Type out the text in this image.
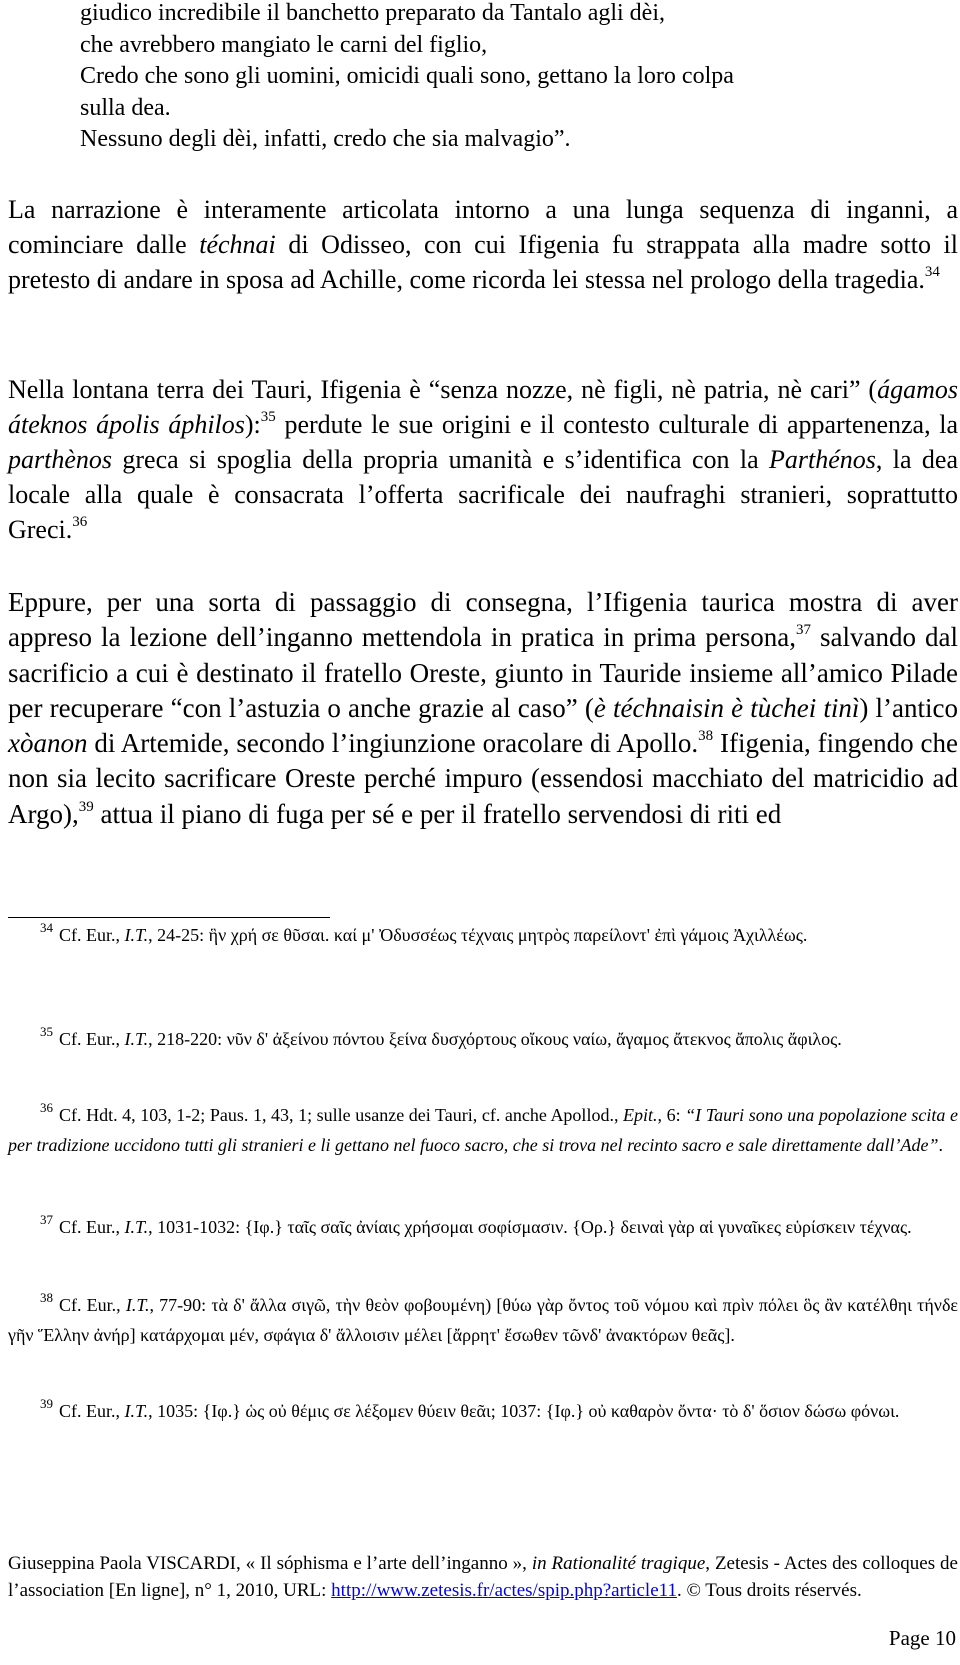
giudico incredibile il banchetto preparato da Tantalo agli dèi,
che avrebbero mangiato le carni del figlio,
Credo che sono gli uomini, omicidi quali sono, gettano la loro colpa
sulla dea.
Nessuno degli dèi, infatti, credo che sia malvagio”.

La narrazione è interamente articolata intorno a una lunga sequenza di inganni, a cominciare dalle téchnai di Odisseo, con cui Ifigenia fu strappata alla madre sotto il pretesto di andare in sposa ad Achille, come ricorda lei stessa nel prologo della tragedia.$^{34}$

Nella lontana terra dei Tauri, Ifigenia è “senza nozze, nè figli, nè patria, nè cari” (ágamos áteknos ápolis áphilos):$^{35}$ perdute le sue origini e il contesto culturale di appartenenza, la parthènos greca si spoglia della propria umanità e s’identifica con la Parthénos, la dea locale alla quale è consacrata l’offerta sacrificale dei naufraghi stranieri, soprattutto Greci.$^{36}$

Eppure, per una sorta di passaggio di consegna, l’Ifigenia taurica mostra di aver appreso la lezione dell’inganno mettendola in pratica in prima persona,$^{37}$ salvando dal sacrificio a cui è destinato il fratello Oreste, giunto in Tauride insieme all’amico Pilade per recuperare “con l’astuzia o anche grazie al caso” (è téchnaisin è tùchei tinì) l’antico xòanon di Artemide, secondo l’ingiunzione oracolare di Apollo.$^{38}$ Ifigenia, fingendo che non sia lecito sacrificare Oreste perché impuro (essendosi macchiato del matricidio ad Argo),$^{39}$ attua il piano di fuga per sé e per il fratello servendosi di riti ed

$^{34}$ Cf. Eur., I.T., 24-25: ἣν χρή σε θῦσαι. καί μ' Ὀδυσσέως τέχναις μητρὸς παρείλοντ' ἐπὶ γάμοις Ἀχιλλέως.

$^{35}$ Cf. Eur., I.T., 218-220: νῦν δ' ἀξείνου πόντου ξείνα δυσχόρτους οἴκους ναίω, ἄγαμος ἄτεκνος ἄπολις ἄφιλος.

$^{36}$ Cf. Hdt. 4, 103, 1-2; Paus. 1, 43, 1; sulle usanze dei Tauri, cf. anche Apollod., Epit., 6: “I Tauri sono una popolazione scita e per tradizione uccidono tutti gli stranieri e li gettano nel fuoco sacro, che si trova nel recinto sacro e sale direttamente dall’Ade”.

$^{37}$ Cf. Eur., I.T., 1031-1032: {Ιφ.} ταῖς σαῖς ἀνίαις χρήσομαι σοφίσμασιν. {Ορ.} δειναὶ γὰρ αἱ γυναῖκες εὑρίσκειν τέχνας.

$^{38}$ Cf. Eur., I.T., 77-90: τὰ δ' ἄλλα σιγῶ, τὴν θεὸν φοβουμένη) [θύω γὰρ ὄντος τοῦ νόμου καὶ πρὶν πόλει ὃς ἂν κατέλθηι τήνδε γῆν Ἕλλην ἀνήρ] κατάρχομαι μέν, σφάγια δ' ἄλλοισιν μέλει [ἄρρητ' ἔσωθεν τῶνδ' ἀνακτόρων θεᾶς].

$^{39}$ Cf. Eur., I.T., 1035: {Ιφ.} ὡς οὐ θέμις σε λέξομεν θύειν θεᾶι; 1037: {Ιφ.} οὐ καθαρὸν ὄντα· τὸ δ' ὅσιον δώσω φόνωι.

Giuseppina Paola VISCARDI, « Il sóphisma e l’arte dell’inganno », in Rationalité tragique, Zetesis - Actes des colloques de l’association [En ligne], n° 1, 2010, URL: http://www.zetesis.fr/actes/spip.php?article11. © Tous droits réservés.
Page 10
